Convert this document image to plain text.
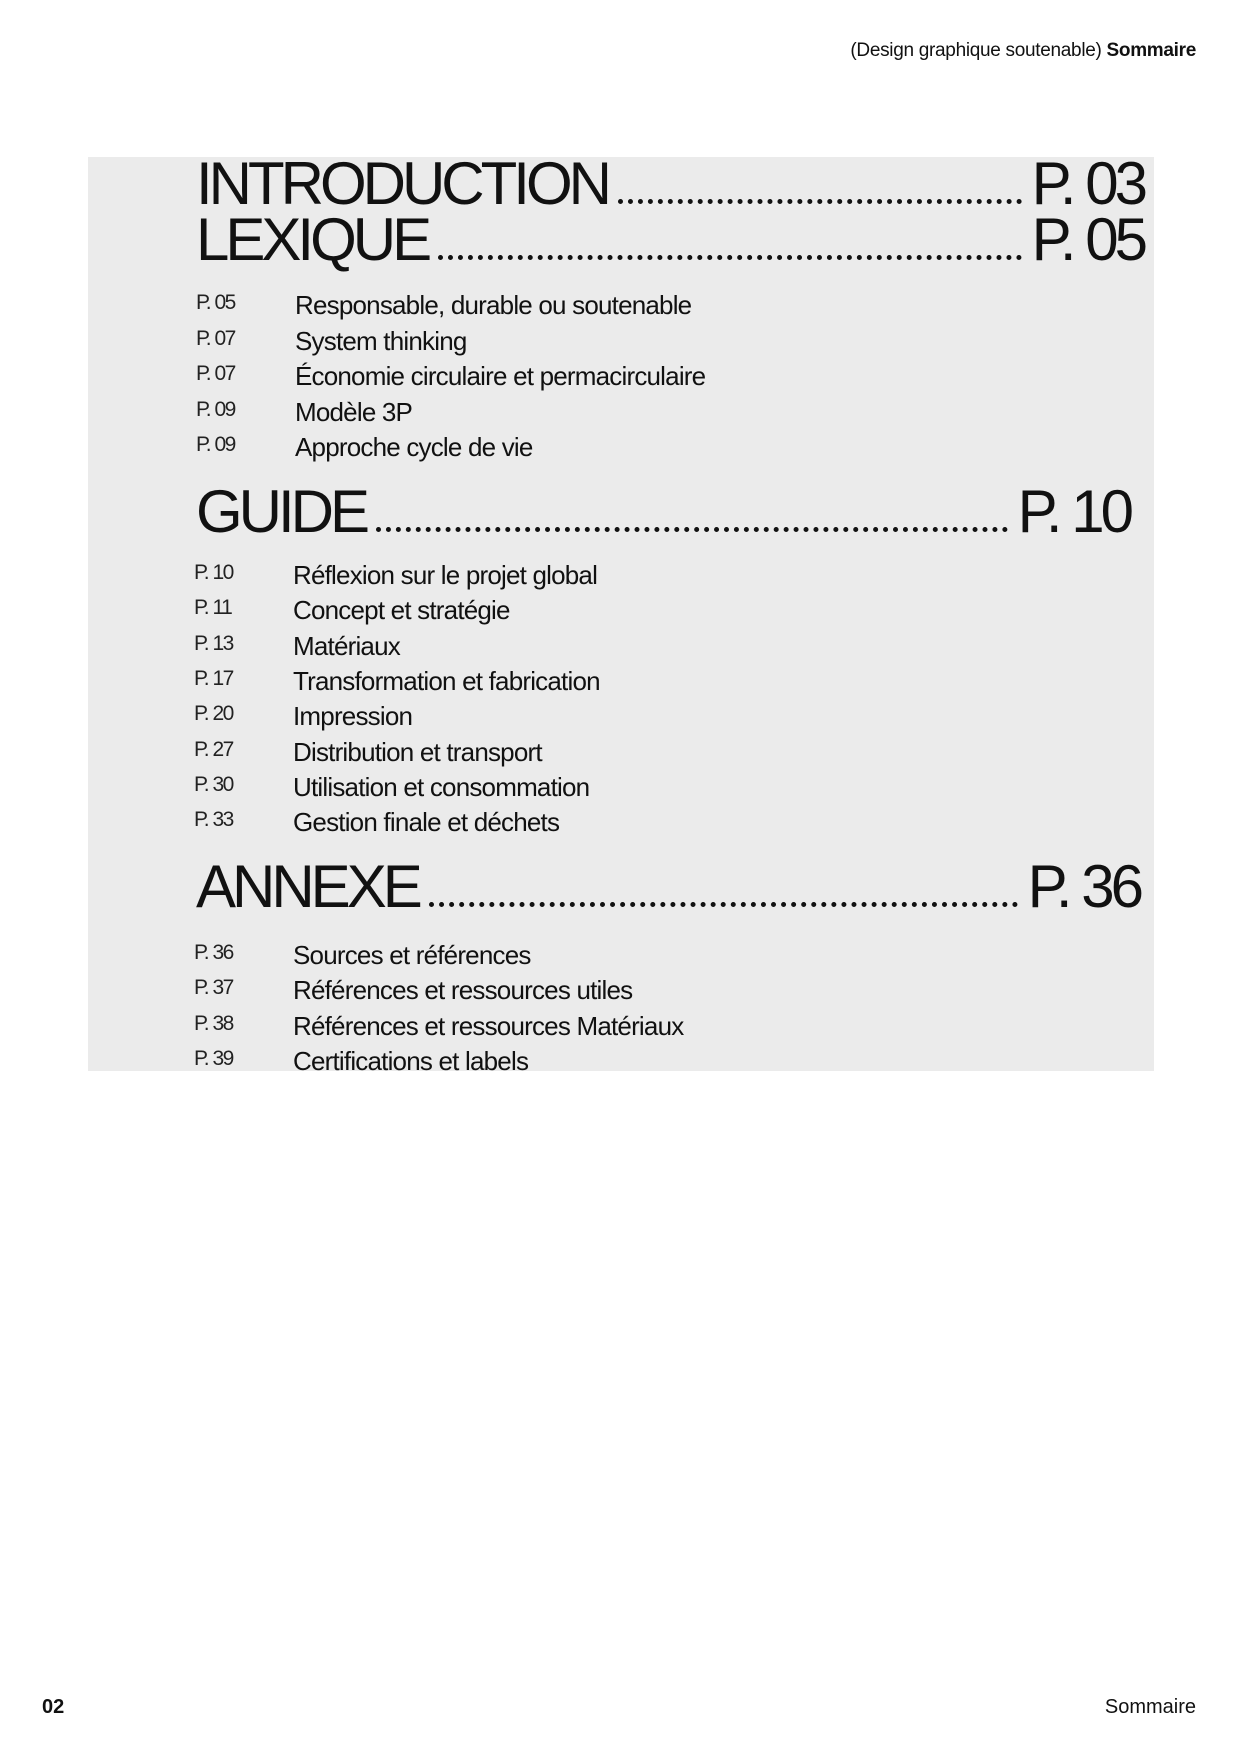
(Design graphique soutenable) Sommaire
INTRODUCTION	P. 03
LEXIQUE	P. 05
P. 05 Responsable, durable ou soutenable
P. 07 System thinking
P. 07 Économie circulaire et permacirculaire
P. 09 Modèle 3P
P. 09 Approche cycle de vie
GUIDE	P. 10
P. 10 Réflexion sur le projet global
P. 11 Concept et stratégie
P. 13 Matériaux
P. 17 Transformation et fabrication
P. 20 Impression
P. 27 Distribution et transport
P. 30 Utilisation et consommation
P. 33 Gestion finale et déchets
ANNEXE	P. 36
P. 36 Sources et références
P. 37 Références et ressources utiles
P. 38 Références et ressources Matériaux
P. 39 Certifications et labels
02	Sommaire
